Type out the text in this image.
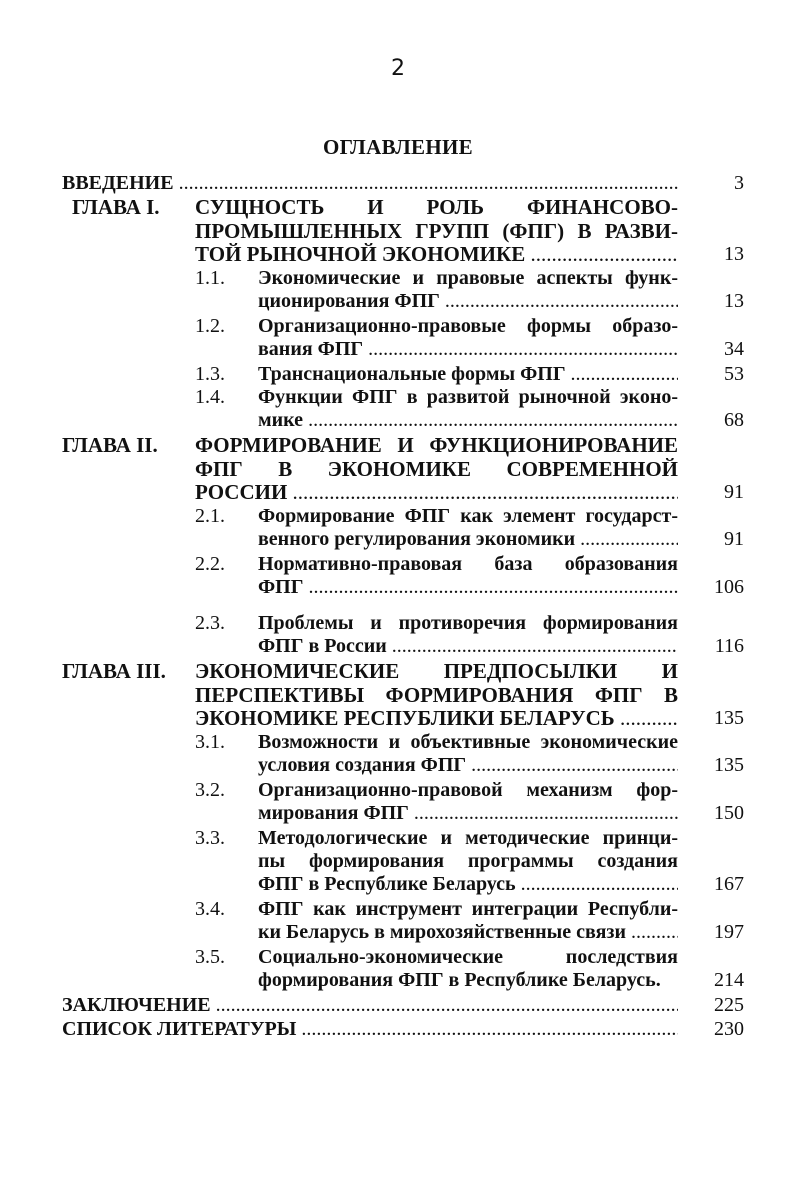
2
ОГЛАВЛЕНИЕ
ВВЕДЕНИЕ .....	3
ГЛАВА I. СУЩНОСТЬ И РОЛЬ ФИНАНСОВО-
ПРОМЫШЛЕННЫХ ГРУПП (ФПГ) В РАЗВИ-
ТОЙ РЫНОЧНОЙ ЭКОНОМИКЕ .....	13
1.1. Экономические и правовые аспекты функ-
ционирования ФПГ .....	13
1.2. Организационно-правовые формы образо-
вания ФПГ .....	34
1.3. Транснациональные формы ФПГ .....	53
1.4. Функции ФПГ в развитой рыночной эконо-
мике .....	68
ГЛАВА II. ФОРМИРОВАНИЕ И ФУНКЦИОНИРОВАНИЕ
ФПГ В ЭКОНОМИКЕ СОВРЕМЕННОЙ
РОССИИ .....	91
2.1. Формирование ФПГ как элемент государст-
венного регулирования экономики .....	91
2.2. Нормативно-правовая база образования
ФПГ .....	106
2.3. Проблемы и противоречия формирования
ФПГ в России .....	116
ГЛАВА III. ЭКОНОМИЧЕСКИЕ ПРЕДПОСЫЛКИ И
ПЕРСПЕКТИВЫ ФОРМИРОВАНИЯ ФПГ В
ЭКОНОМИКЕ РЕСПУБЛИКИ БЕЛАРУСЬ .....	135
3.1. Возможности и объективные экономические
условия создания ФПГ .....	135
3.2. Организационно-правовой механизм фор-
мирования ФПГ .....	150
3.3. Методологические и методические принци-
пы формирования программы создания
ФПГ в Республике Беларусь .....	167
3.4. ФПГ как инструмент интеграции Республи-
ки Беларусь в мирохозяйственные связи .....	197
3.5. Социально-экономические последствия
формирования ФПГ в Республике Беларусь.	214
ЗАКЛЮЧЕНИЕ .....	225
СПИСОК ЛИТЕРАТУРЫ .....	230
